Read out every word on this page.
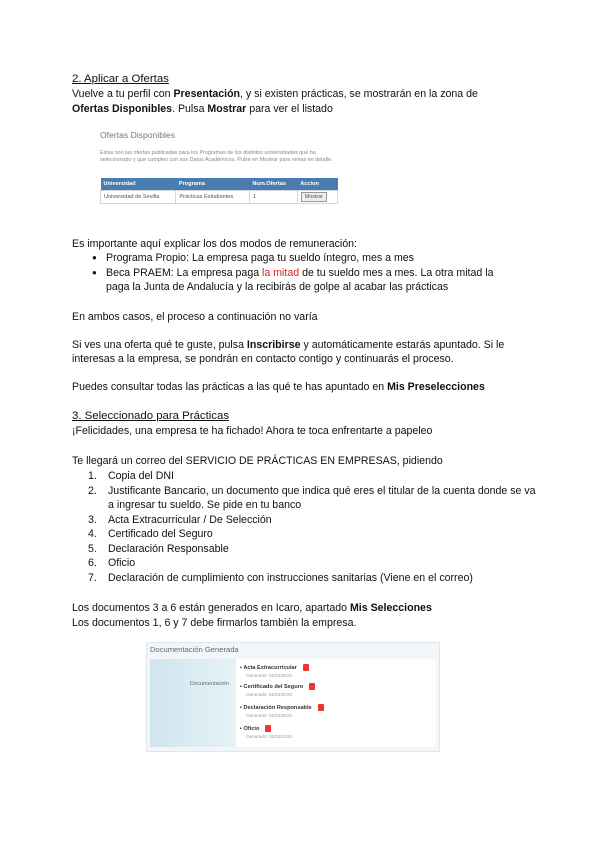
2. Aplicar a Ofertas
Vuelve a tu perfil con Presentación, y si existen prácticas, se mostrarán en la zona de
Ofertas Disponibles. Pulsa Mostrar para ver el listado
Ofertas Disponibles
Estas son las ofertas publicadas para los Programas de los distintos universidades que ha seleccionado y que cumplen con sus Datos Académicos. Pulse en Mostrar para verlas en detalle.
Universidad	Programa	Num.Ofertas	Accion
Universidad de Sevilla	Prácticas Estudiantes	1	Mostrar
Es importante aquí explicar los dos modos de remuneración:
● Programa Propio: La empresa paga tu sueldo íntegro, mes a mes
● Beca PRAEM: La empresa paga la mitad de tu sueldo mes a mes. La otra mitad la
paga la Junta de Andalucía y la recibirás de golpe al acabar las prácticas
En ambos casos, el proceso a continuación no varía
Si ves una oferta qué te guste, pulsa Inscribirse y automáticamente estarás apuntado. Si le
interesas a la empresa, se pondrán en contacto contigo y continuarás el proceso.
Puedes consultar todas las prácticas a las qué te has apuntado en Mis Preselecciones
3. Seleccionado para Prácticas
¡Felicidades, una empresa te ha fichado! Ahora te toca enfrentarte a papeleo
Te llegará un correo del SERVICIO DE PRÁCTICAS EN EMPRESAS, pidiendo
1. Copia del DNI
2. Justificante Bancario, un documento que indica qué eres el titular de la cuenta donde se va a ingresar tu sueldo. Se pide en tu banco
3. Acta Extracurricular / De Selección
4. Certificado del Seguro
5. Declaración Responsable
6. Oficio
7. Declaración de cumplimiento con instrucciones sanitarias (Viene en el correo)
Los documentos 3 a 6 están generados en Icaro, apartado Mis Selecciones
Los documentos 1, 6 y 7 debe firmarlos también la empresa.
Documentación Generada
Documentación
▪ Acta Extracurricular
Generado: 01/03/2022
▪ Certificado del Seguro
Generado: 01/03/2022
▪ Declaración Responsable
Generado: 01/03/2022
▪ Oficio
Generado: 01/03/2022
